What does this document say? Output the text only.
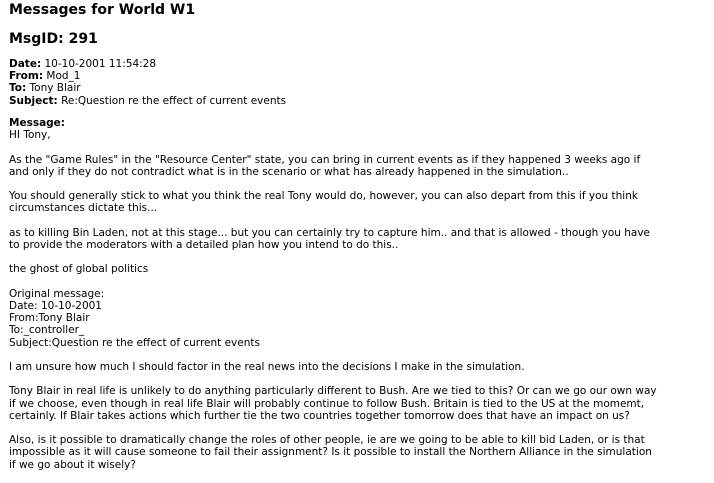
Messages for World W1
MsgID: 291
Date: 10-10-2001 11:54:28
From: Mod_1
To: Tony Blair
Subject: Re:Question re the effect of current events
Message:
HI Tony,
As the "Game Rules" in the "Resource Center" state, you can bring in current events as if they happened 3 weeks ago if
and only if they do not contradict what is in the scenario or what has already happened in the simulation..
You should generally stick to what you think the real Tony would do, however, you can also depart from this if you think
circumstances dictate this...
as to killing Bin Laden, not at this stage... but you can certainly try to capture him.. and that is allowed - though you have
to provide the moderators with a detailed plan how you intend to do this..
the ghost of global politics
Original message:
Date: 10-10-2001
From:Tony Blair
To:_controller_
Subject:Question re the effect of current events
I am unsure how much I should factor in the real news into the decisions I make in the simulation.
Tony Blair in real life is unlikely to do anything particularly different to Bush. Are we tied to this? Or can we go our own way
if we choose, even though in real life Blair will probably continue to follow Bush. Britain is tied to the US at the momemt,
certainly. If Blair takes actions which further tie the two countries together tomorrow does that have an impact on us?
Also, is it possible to dramatically change the roles of other people, ie are we going to be able to kill bid Laden, or is that
impossible as it will cause someone to fail their assignment? Is it possible to install the Northern Alliance in the simulation
if we go about it wisely?
